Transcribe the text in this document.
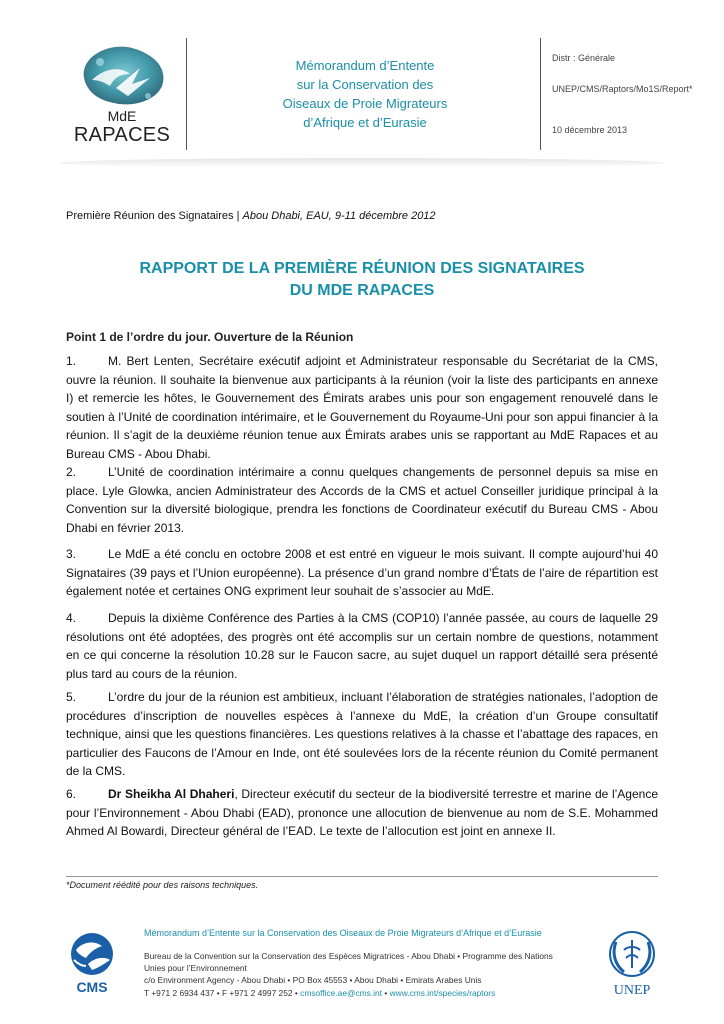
MdE
RAPACES
Mémorandum d’Entente
sur la Conservation des
Oiseaux de Proie Migrateurs
d’Afrique et d’Eurasie
Distr : Générale
UNEP/CMS/Raptors/Mo1S/Report*
10 décembre 2013
Première Réunion des Signataires | Abou Dhabi, EAU, 9-11 décembre 2012
RAPPORT DE LA PREMIÈRE RÉUNION DES SIGNATAIRES
DU MDE RAPACES
Point 1 de l’ordre du jour. Ouverture de la Réunion
1.	M. Bert Lenten, Secrétaire exécutif adjoint et Administrateur responsable du Secrétariat de la CMS, ouvre la réunion. Il souhaite la bienvenue aux participants à la réunion (voir la liste des participants en annexe I) et remercie les hôtes, le Gouvernement des Émirats arabes unis pour son engagement renouvelé dans le soutien à l’Unité de coordination intérimaire, et le Gouvernement du Royaume-Uni pour son appui financier à la réunion. Il s’agit de la deuxième réunion tenue aux Émirats arabes unis se rapportant au MdE Rapaces et au Bureau CMS - Abou Dhabi.
2.	L’Unité de coordination intérimaire a connu quelques changements de personnel depuis sa mise en place. Lyle Glowka, ancien Administrateur des Accords de la CMS et actuel Conseiller juridique principal à la Convention sur la diversité biologique, prendra les fonctions de Coordinateur exécutif du Bureau CMS - Abou Dhabi en février 2013.
3.	Le MdE a été conclu en octobre 2008 et est entré en vigueur le mois suivant. Il compte aujourd’hui 40 Signataires (39 pays et l’Union européenne). La présence d’un grand nombre d’États de l’aire de répartition est également notée et certaines ONG expriment leur souhait de s’associer au MdE.
4.	Depuis la dixième Conférence des Parties à la CMS (COP10) l’année passée, au cours de laquelle 29 résolutions ont été adoptées, des progrès ont été accomplis sur un certain nombre de questions, notamment en ce qui concerne la résolution 10.28 sur le Faucon sacre, au sujet duquel un rapport détaillé sera présenté plus tard au cours de la réunion.
5.	L’ordre du jour de la réunion est ambitieux, incluant l’élaboration de stratégies nationales, l’adoption de procédures d’inscription de nouvelles espèces à l’annexe du MdE, la création d’un Groupe consultatif technique, ainsi que les questions financières. Les questions relatives à la chasse et l’abattage des rapaces, en particulier des Faucons de l’Amour en Inde, ont été soulevées lors de la récente réunion du Comité permanent de la CMS.
6.	Dr Sheikha Al Dhaheri, Directeur exécutif du secteur de la biodiversité terrestre et marine de l’Agence pour l’Environnement - Abou Dhabi (EAD), prononce une allocution de bienvenue au nom de S.E. Mohammed Ahmed Al Bowardi, Directeur général de l’EAD. Le texte de l’allocution est joint en annexe II.
*Document réédité pour des raisons techniques.
CMS
Mémorandum d’Entente sur la Conservation des Oiseaux de Proie Migrateurs d’Afrique et d’Eurasie
Bureau de la Convention sur la Conservation des Espèces Migratrices - Abou Dhabi • Programme des Nations
Unies pour l’Environnement
c/o Environment Agency - Abou Dhabi • PO Box 45553 • Abou Dhabi • Emirats Arabes Unis
T +971 2 6934 437 • F +971 2 4997 252 • cmsoffice.ae@cms.int • www.cms.int/species/raptors	UNEP
